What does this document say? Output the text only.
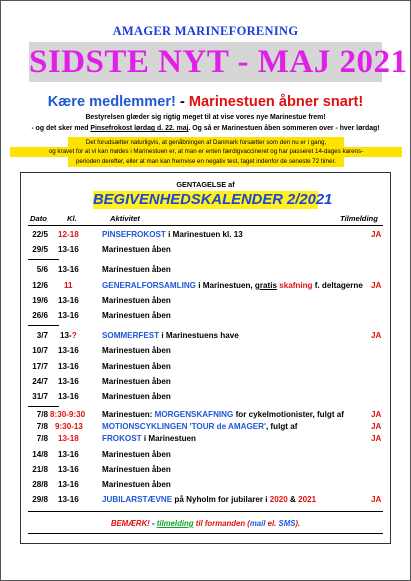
AMAGER MARINEFORENING
SIDSTE NYT - MAJ 2021
Kære medlemmer! - Marinestuen åbner snart!
Bestyrelsen glæder sig rigtig meget til at vise vores nye Marinestue frem!
- og det sker med Pinsefrokost lørdag d. 22. maj. Og så er Marinestuen åben sommeren over - hver lørdag!
Det forudsætter naturligvis, at genåbningen af Danmark forsætter som den nu er i gang,
og kravet for at vi kan mødes i Marinestuen er, at man er enten færdigvaccineret og har passeret 14-dages karens-
perioden derefter, eller at man kan fremvise en negativ test, taget indenfor de seneste 72 timer.
GENTAGELSE af
BEGIVENHEDSKALENDER 2/2021
Dato	Kl.	Aktivitet	Tilmelding
22/5 12-18	PINSEFROKOST i Marinestuen kl. 13	JA
29/5 13-16	Marinestuen åben
5/6 13-16	Marinestuen åben
12/6 11	GENERALFORSAMLING i Marinestuen, gratis skafning f. deltagerne JA
19/6 13-16	Marinestuen åben
26/6 13-16	Marinestuen åben
3/7 13-?	SOMMERFEST i Marinestuens have	JA
10/7 13-16	Marinestuen åben
17/7 13-16	Marinestuen åben
24/7 13-16	Marinestuen åben
31/7 13-16	Marinestuen åben
7/8 8:30-9:30 Marinestuen: MORGENSKAFNING for cykelmotionister, fulgt af	JA
7/8 9:30-13 MOTIONSCYKLINGEN 'TOUR de AMAGER', fulgt af	JA
7/8 13-18	FROKOST i Marinestuen	JA
14/8 13-16	Marinestuen åben
21/8 13-16	Marinestuen åben
28/8 13-16	Marinestuen åben
29/8 13-16	JUBILARSTÆVNE på Nyholm for jubilarer i 2020 & 2021	JA
BEMÆRK! - tilmelding til formanden (mail el. SMS).
